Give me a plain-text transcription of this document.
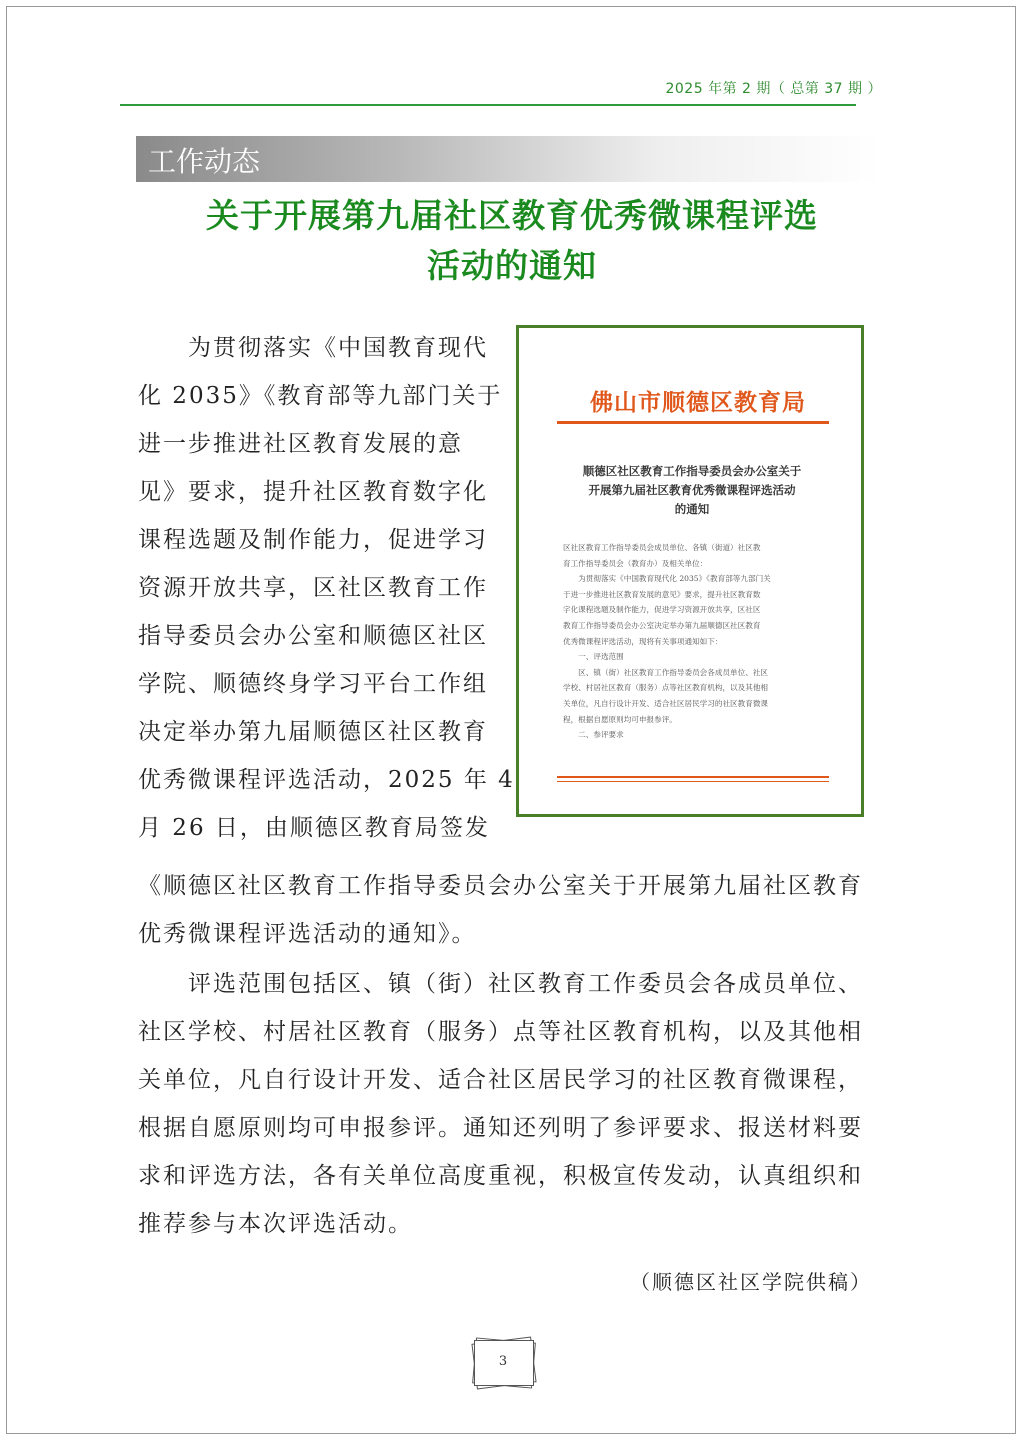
2025 年第 2 期（ 总第 37 期 ）
工作动态
关于开展第九届社区教育优秀微课程评选
活动的通知
　　为贯彻落实《中国教育现代
化 2035》《教育部等九部门关于
进一步推进社区教育发展的意
见》要求，提升社区教育数字化
课程选题及制作能力，促进学习
资源开放共享，区社区教育工作
指导委员会办公室和顺德区社区
学院、顺德终身学习平台工作组
决定举办第九届顺德区社区教育
优秀微课程评选活动，2025 年 4
月 26 日，由顺德区教育局签发
佛山市顺德区教育局
顺德区社区教育工作指导委员会办公室关于
开展第九届社区教育优秀微课程评选活动
的通知
区社区教育工作指导委员会成员单位、各镇（街道）社区教
育工作指导委员会（教育办）及相关单位：
　　为贯彻落实《中国教育现代化 2035》《教育部等九部门关
于进一步推进社区教育发展的意见》要求，提升社区教育数
字化课程选题及制作能力，促进学习资源开放共享，区社区
教育工作指导委员会办公室决定举办第九届顺德区社区教育
优秀微课程评选活动，现将有关事项通知如下：
　　一、评选范围
　　区、镇（街）社区教育工作指导委员会各成员单位、社区
学校、村居社区教育（服务）点等社区教育机构，以及其他相
关单位，凡自行设计开发、适合社区居民学习的社区教育微课
程，根据自愿原则均可申报参评。
　　二、参评要求
《顺德区社区教育工作指导委员会办公室关于开展第九届社区教育
优秀微课程评选活动的通知》。
　　评选范围包括区、镇（街）社区教育工作委员会各成员单位、
社区学校、村居社区教育（服务）点等社区教育机构，以及其他相
关单位，凡自行设计开发、适合社区居民学习的社区教育微课程，
根据自愿原则均可申报参评。通知还列明了参评要求、报送材料要
求和评选方法，各有关单位高度重视，积极宣传发动，认真组织和
推荐参与本次评选活动。
（顺德区社区学院供稿）
3
